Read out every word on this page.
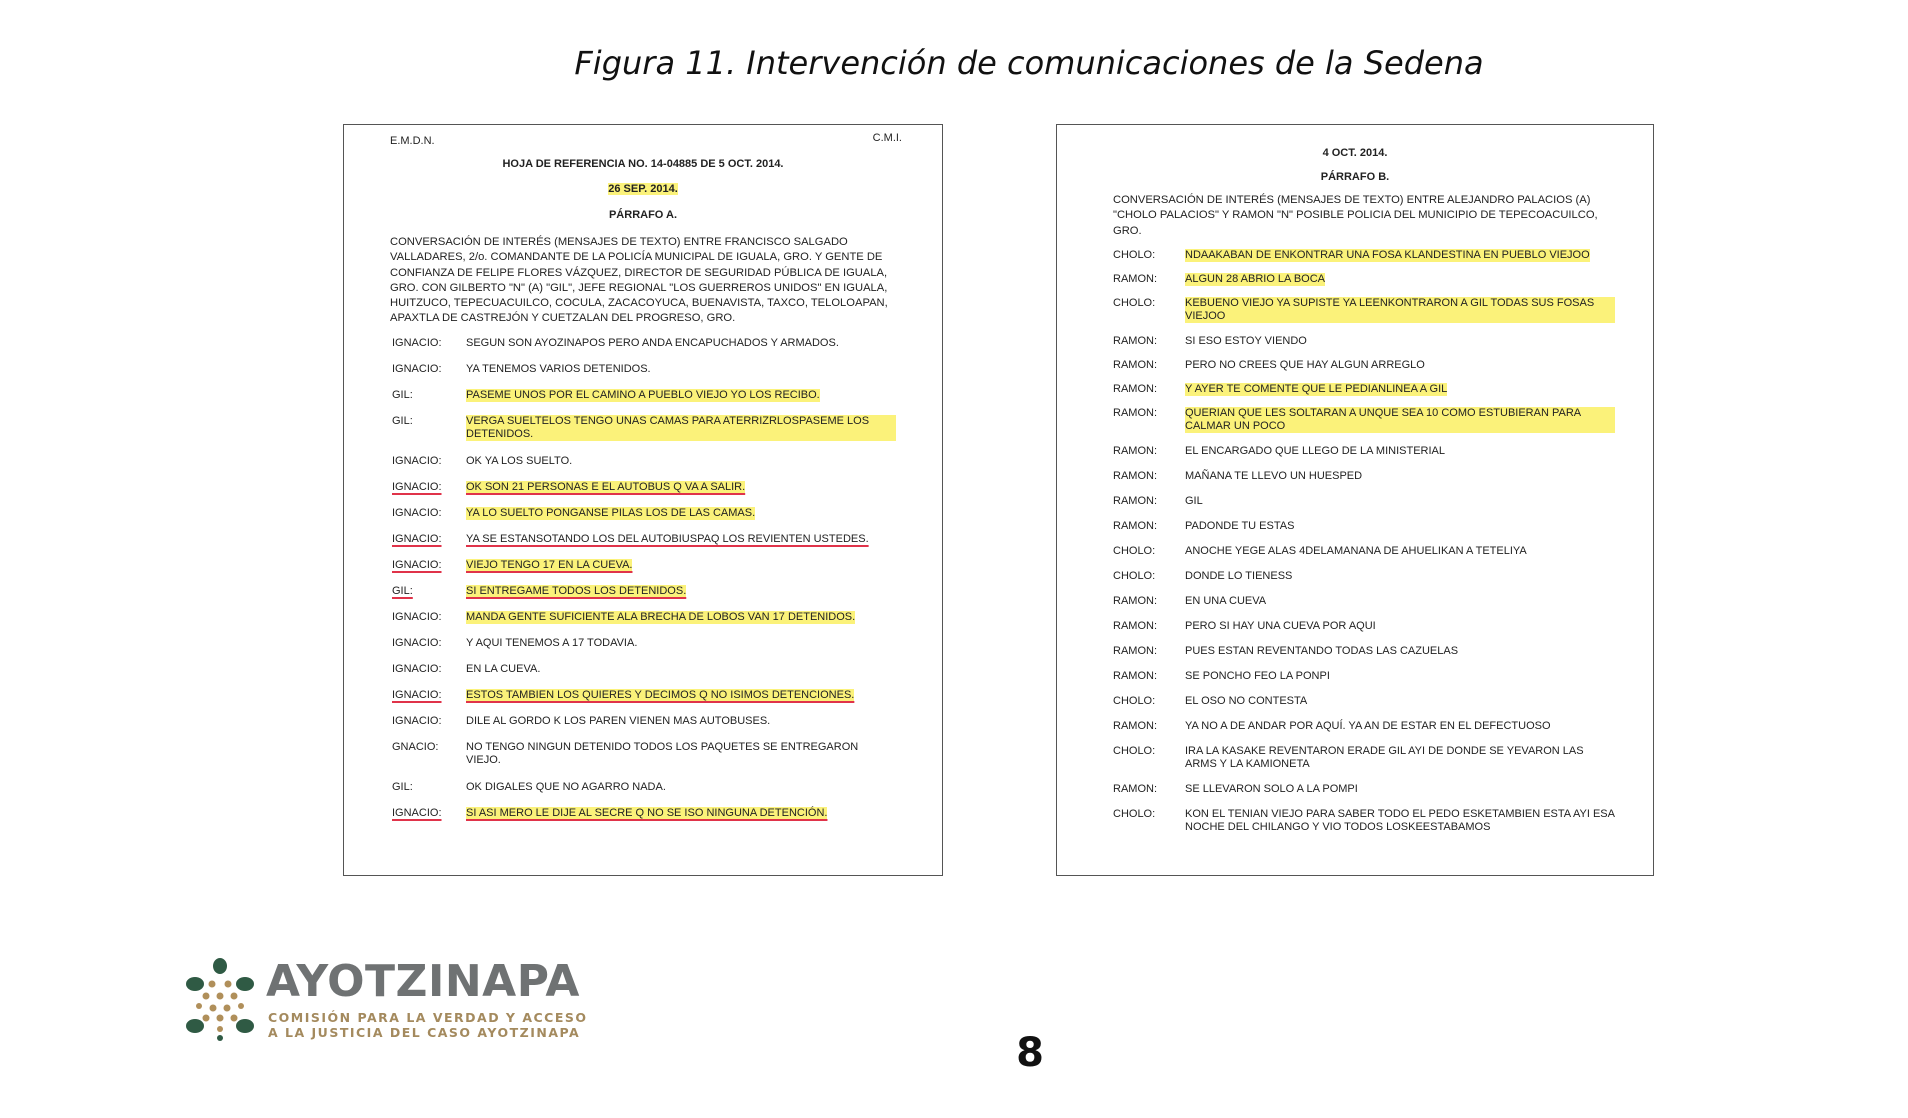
Figura 11. Intervención de comunicaciones de la Sedena
E.M.D.N.	C.M.I.
HOJA DE REFERENCIA NO. 14-04885 DE 5 OCT. 2014.
26 SEP. 2014.
PÁRRAFO A.
CONVERSACIÓN DE INTERÉS (MENSAJES DE TEXTO) ENTRE FRANCISCO SALGADO
VALLADARES, 2/o. COMANDANTE DE LA POLICÍA MUNICIPAL DE IGUALA, GRO. Y GENTE DE
CONFIANZA DE FELIPE FLORES VÁZQUEZ, DIRECTOR DE SEGURIDAD PÚBLICA DE IGUALA,
GRO. CON GILBERTO "N" (A) "GIL", JEFE REGIONAL "LOS GUERREROS UNIDOS" EN IGUALA,
HUITZUCO, TEPECUACUILCO, COCULA, ZACACOYUCA, BUENAVISTA, TAXCO, TELOLOAPAN,
APAXTLA DE CASTREJÓN Y CUETZALAN DEL PROGRESO, GRO.
IGNACIO: SEGUN SON AYOZINAPOS PERO ANDA ENCAPUCHADOS Y ARMADOS.
IGNACIO: YA TENEMOS VARIOS DETENIDOS.
GIL:	PASEME UNOS POR EL CAMINO A PUEBLO VIEJO YO LOS RECIBO.
GIL:	VERGA SUELTELOS TENGO UNAS CAMAS PARA ATERRIZRLOSPASEME LOS DETENIDOS.
IGNACIO: OK YA LOS SUELTO.
IGNACIO: OK SON 21 PERSONAS E EL AUTOBUS Q VA A SALIR.
IGNACIO: YA LO SUELTO PONGANSE PILAS LOS DE LAS CAMAS.
IGNACIO: YA SE ESTANSOTANDO LOS DEL AUTOBIUSPAQ LOS REVIENTEN USTEDES.
IGNACIO: VIEJO TENGO 17 EN LA CUEVA.
GIL:	SI ENTREGAME TODOS LOS DETENIDOS.
IGNACIO: MANDA GENTE SUFICIENTE ALA BRECHA DE LOBOS VAN 17 DETENIDOS.
IGNACIO: Y AQUI TENEMOS A 17 TODAVIA.
IGNACIO: EN LA CUEVA.
IGNACIO: ESTOS TAMBIEN LOS QUIERES Y DECIMOS Q NO ISIMOS DETENCIONES.
IGNACIO: DILE AL GORDO K LOS PAREN VIENEN MAS AUTOBUSES.
GNACIO:	NO TENGO NINGUN DETENIDO TODOS LOS PAQUETES SE ENTREGARON VIEJO.
GIL:	OK DIGALES QUE NO AGARRO NADA.
IGNACIO: SI ASI MERO LE DIJE AL SECRE Q NO SE ISO NINGUNA DETENCIÓN.
4 OCT. 2014.
PÁRRAFO B.
CONVERSACIÓN DE INTERÉS (MENSAJES DE TEXTO) ENTRE ALEJANDRO PALACIOS (A)
"CHOLO PALACIOS" Y RAMON "N" POSIBLE POLICIA DEL MUNICIPIO DE TEPECOACUILCO,
GRO.
CHOLO:	NDAAKABAN DE ENKONTRAR UNA FOSA KLANDESTINA EN PUEBLO VIEJOO
RAMON:	ALGUN 28 ABRIO LA BOCA
CHOLO:	KEBUENO VIEJO YA SUPISTE YA LEENKONTRARON A GIL TODAS SUS FOSAS VIEJOO
RAMON:	SI ESO ESTOY VIENDO
RAMON:	PERO NO CREES QUE HAY ALGUN ARREGLO
RAMON:	Y AYER TE COMENTE QUE LE PEDIANLINEA A GIL
RAMON:	QUERIAN QUE LES SOLTARAN A UNQUE SEA 10 COMO ESTUBIERAN PARA CALMAR UN POCO
RAMON:	EL ENCARGADO QUE LLEGO DE LA MINISTERIAL
RAMON:	MAÑANA TE LLEVO UN HUESPED
RAMON:	GIL
RAMON:	PADONDE TU ESTAS
CHOLO:	ANOCHE YEGE ALAS 4DELAMANANA DE AHUELIKAN A TETELIYA
CHOLO:	DONDE LO TIENESS
RAMON:	EN UNA CUEVA
RAMON:	PERO SI HAY UNA CUEVA POR AQUI
RAMON:	PUES ESTAN REVENTANDO TODAS LAS CAZUELAS
RAMON:	SE PONCHO FEO LA PONPI
CHOLO:	EL OSO NO CONTESTA
RAMON:	YA NO A DE ANDAR POR AQUÍ. YA AN DE ESTAR EN EL DEFECTUOSO
CHOLO:	IRA LA KASAKE REVENTARON ERADE GIL AYI DE DONDE SE YEVARON LAS ARMS Y LA KAMIONETA
RAMON:	SE LLEVARON SOLO A LA POMPI
CHOLO:	KON EL TENIAN VIEJO PARA SABER TODO EL PEDO ESKETAMBIEN ESTA AYI ESA NOCHE DEL CHILANGO Y VIO TODOS LOSKEESTABAMOS
AYOTZINAPA
COMISIÓN PARA LA VERDAD Y ACCESO
A LA JUSTICIA DEL CASO AYOTZINAPA	8
